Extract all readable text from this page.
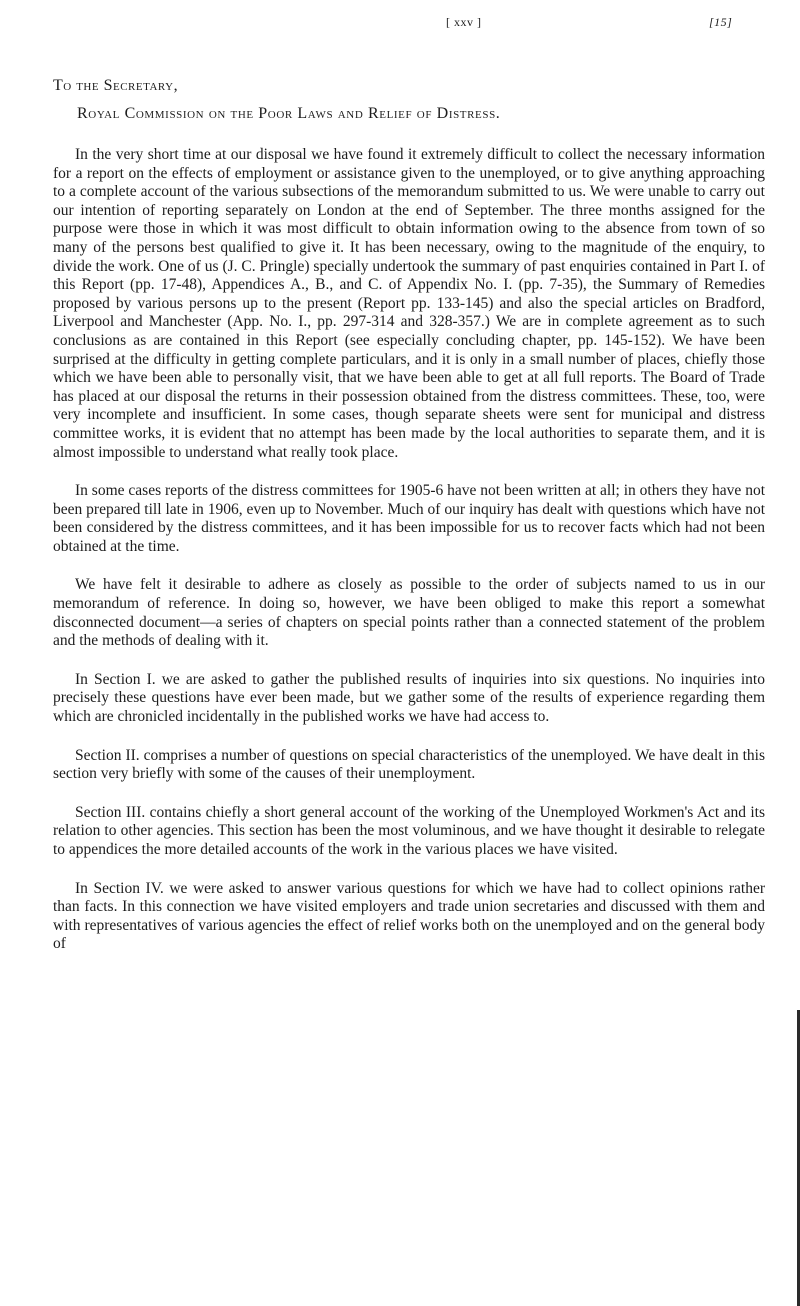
[ xxv ]	[15]
To the Secretary,
Royal Commission on the Poor Laws and Relief of Distress.

In the very short time at our disposal we have found it extremely difficult to collect the necessary information for a report on the effects of employment or assistance given to the unemployed, or to give anything approaching to a complete account of the various subsections of the memorandum submitted to us. We were unable to carry out our intention of reporting separately on London at the end of September. The three months assigned for the purpose were those in which it was most difficult to obtain information owing to the absence from town of so many of the persons best qualified to give it. It has been necessary, owing to the magnitude of the enquiry, to divide the work. One of us (J. C. Pringle) specially undertook the summary of past enquiries contained in Part I. of this Report (pp. 17-48), Appendices A., B., and C. of Appendix No. I. (pp. 7-35), the Summary of Remedies proposed by various persons up to the present (Report pp. 133-145) and also the special articles on Bradford, Liverpool and Manchester (App. No. I., pp. 297-314 and 328-357.) We are in complete agreement as to such conclusions as are contained in this Report (see especially concluding chapter, pp. 145-152). We have been surprised at the difficulty in getting complete particulars, and it is only in a small number of places, chiefly those which we have been able to personally visit, that we have been able to get at all full reports. The Board of Trade has placed at our disposal the returns in their possession obtained from the distress committees. These, too, were very incomplete and insufficient. In some cases, though separate sheets were sent for municipal and distress committee works, it is evident that no attempt has been made by the local authorities to separate them, and it is almost impossible to understand what really took place.

In some cases reports of the distress committees for 1905-6 have not been written at all; in others they have not been prepared till late in 1906, even up to November. Much of our inquiry has dealt with questions which have not been considered by the distress committees, and it has been impossible for us to recover facts which had not been obtained at the time.

We have felt it desirable to adhere as closely as possible to the order of subjects named to us in our memorandum of reference. In doing so, however, we have been obliged to make this report a somewhat disconnected document—a series of chapters on special points rather than a connected statement of the problem and the methods of dealing with it.

In Section I. we are asked to gather the published results of inquiries into six questions. No inquiries into precisely these questions have ever been made, but we gather some of the results of experience regarding them which are chronicled incidentally in the published works we have had access to.

Section II. comprises a number of questions on special characteristics of the unemployed. We have dealt in this section very briefly with some of the causes of their unemployment.

Section III. contains chiefly a short general account of the working of the Unemployed Workmen's Act and its relation to other agencies. This section has been the most voluminous, and we have thought it desirable to relegate to appendices the more detailed accounts of the work in the various places we have visited.

In Section IV. we were asked to answer various questions for which we have had to collect opinions rather than facts. In this connection we have visited employers and trade union secretaries and discussed with them and with representatives of various agencies the effect of relief works both on the unemployed and on the general body of
